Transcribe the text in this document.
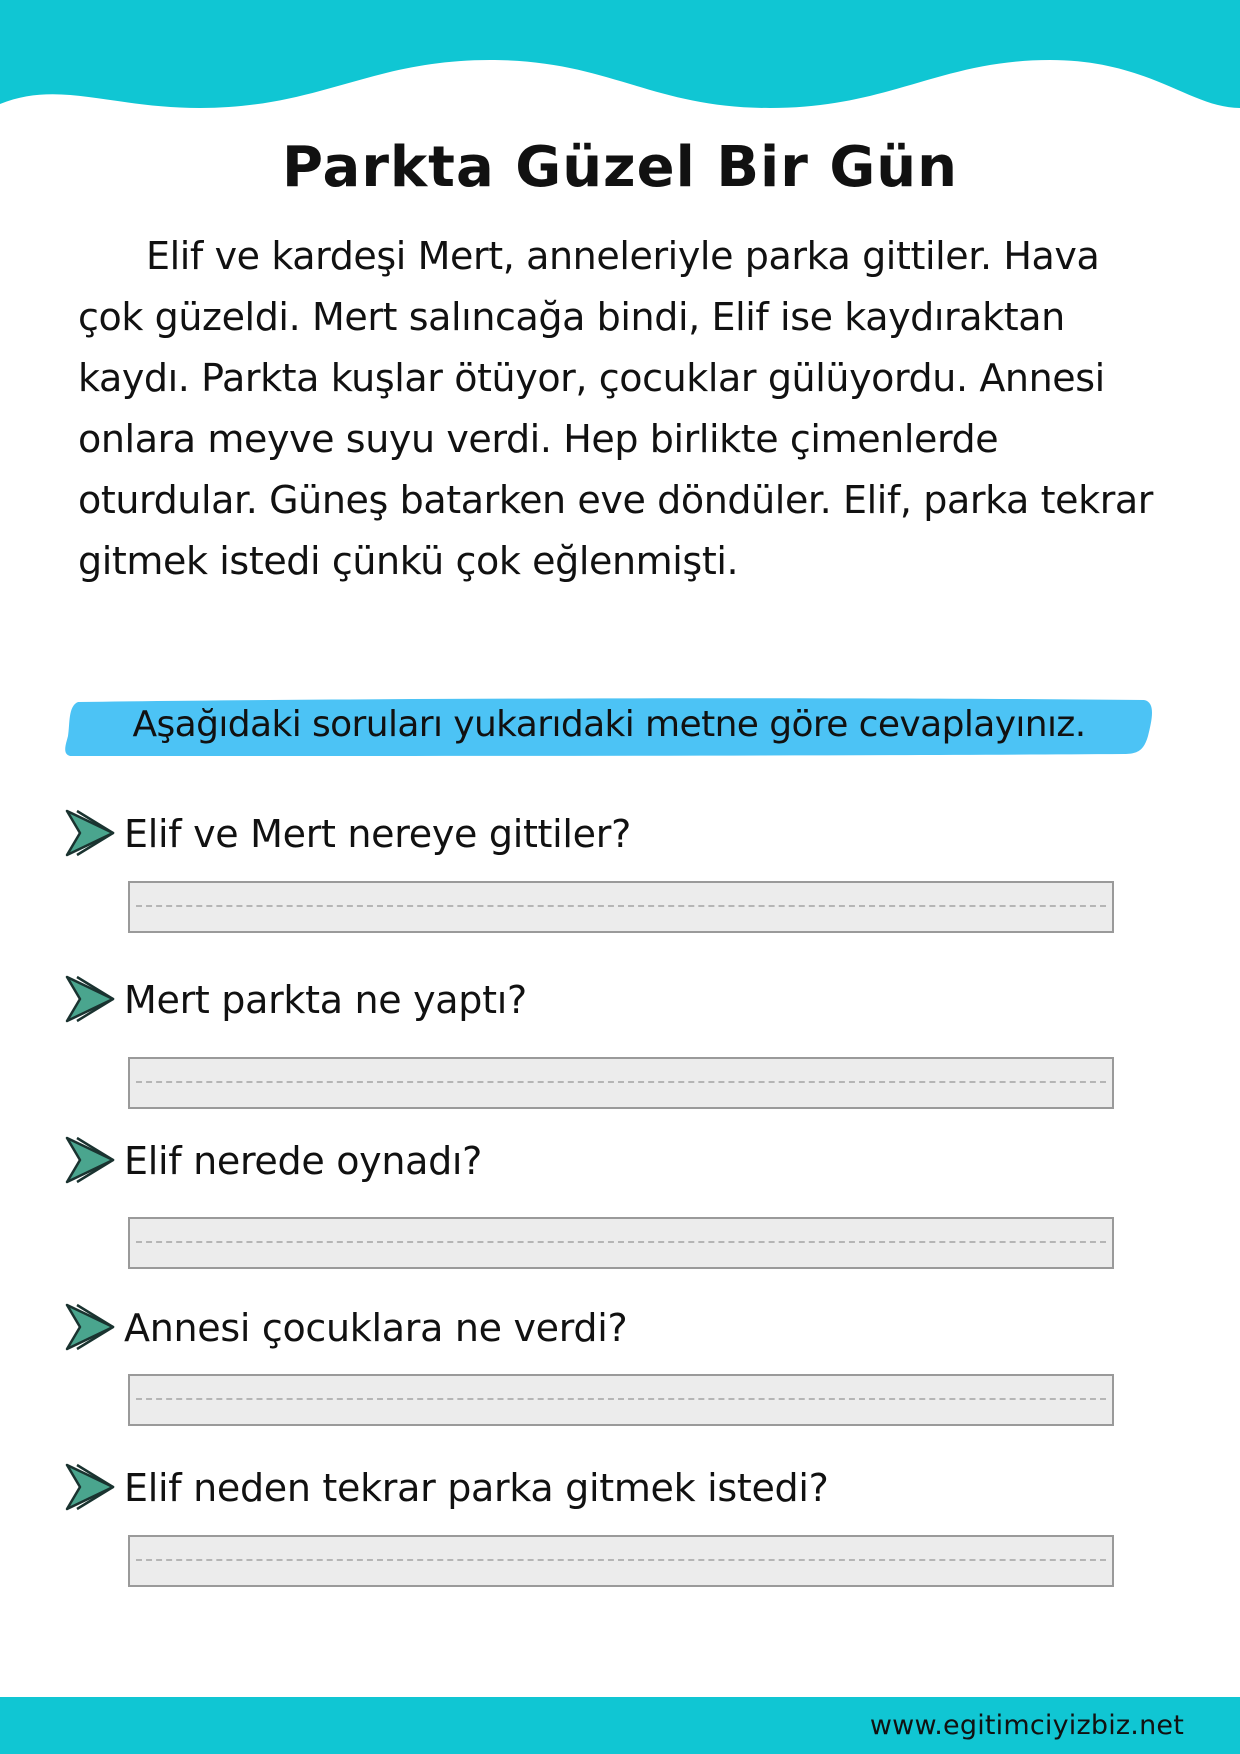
Parkta Güzel Bir Gün

Elif ve kardeşi Mert, anneleriyle parka gittiler. Hava çok güzeldi. Mert salıncağa bindi, Elif ise kaydıraktan kaydı. Parkta kuşlar ötüyor, çocuklar gülüyordu. Annesi onlara meyve suyu verdi. Hep birlikte çimenlerde oturdular. Güneş batarken eve döndüler. Elif, parka tekrar gitmek istedi çünkü çok eğlenmişti.

Aşağıdaki soruları yukarıdaki metne göre cevaplayınız.
Elif ve Mert nereye gittiler?
Mert parkta ne yaptı?
Elif nerede oynadı?
Annesi çocuklara ne verdi?
Elif neden tekrar parka gitmek istedi?
www.egitimciyizbiz.net
